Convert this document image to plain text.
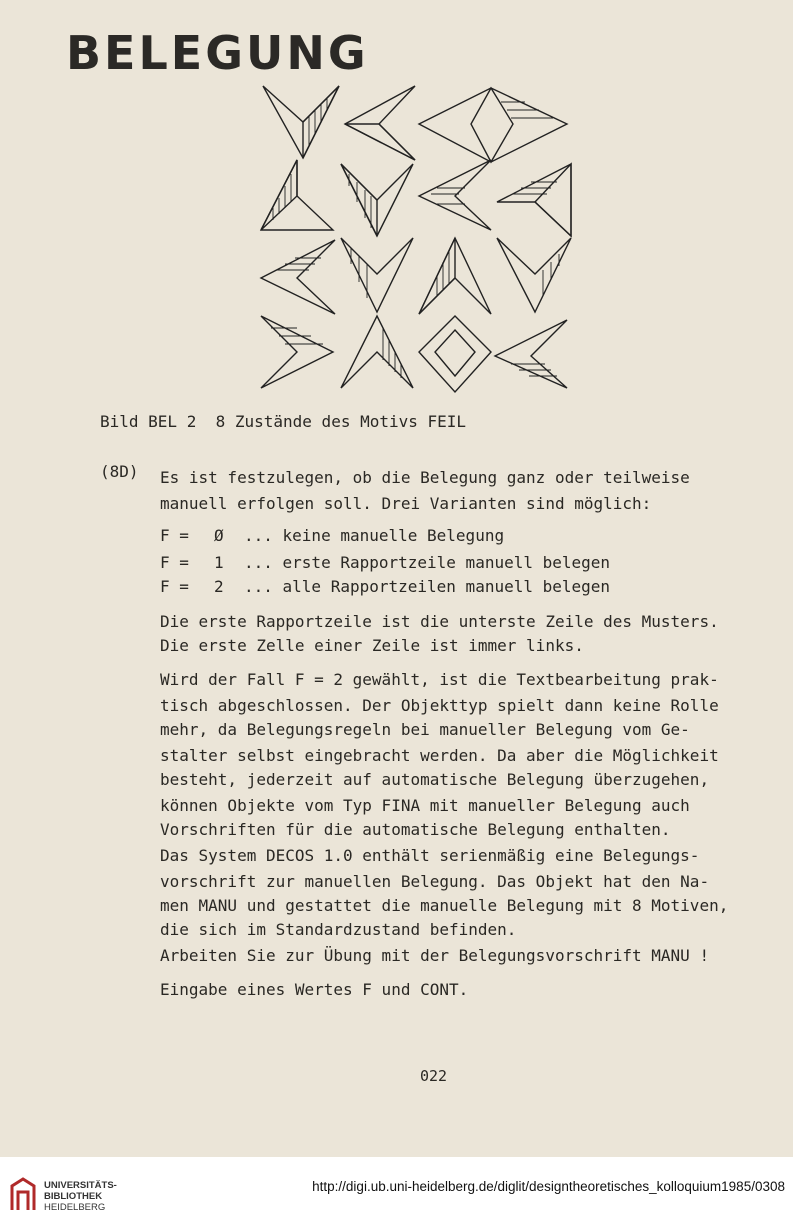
BELEGUNG
Bild BEL 2  8 Zustände des Motivs FEIL
(8D) Es ist festzulegen, ob die Belegung ganz oder teilweise
manuell erfolgen soll. Drei Varianten sind möglich:
F = Ø ... keine manuelle Belegung
F = 1 ... erste Rapportzeile manuell belegen
F = 2 ... alle Rapportzeilen manuell belegen
Die erste Rapportzeile ist die unterste Zeile des Musters.
Die erste Zelle einer Zeile ist immer links.
Wird der Fall F = 2 gewählt, ist die Textbearbeitung prak-
tisch abgeschlossen. Der Objekttyp spielt dann keine Rolle
mehr, da Belegungsregeln bei manueller Belegung vom Ge-
stalter selbst eingebracht werden. Da aber die Möglichkeit
besteht, jederzeit auf automatische Belegung überzugehen,
können Objekte vom Typ FINA mit manueller Belegung auch
Vorschriften für die automatische Belegung enthalten.
Das System DECOS 1.0 enthält serienmäßig eine Belegungs-
vorschrift zur manuellen Belegung. Das Objekt hat den Na-
men MANU und gestattet die manuelle Belegung mit 8 Motiven,
die sich im Standardzustand befinden.
Arbeiten Sie zur Übung mit der Belegungsvorschrift MANU !
Eingabe eines Wertes F und CONT.
022
UNIVERSITÄTS-
BIBLIOTHEK
HEIDELBERG
http://digi.ub.uni-heidelberg.de/diglit/designtheoretisches_kolloquium1985/0308
